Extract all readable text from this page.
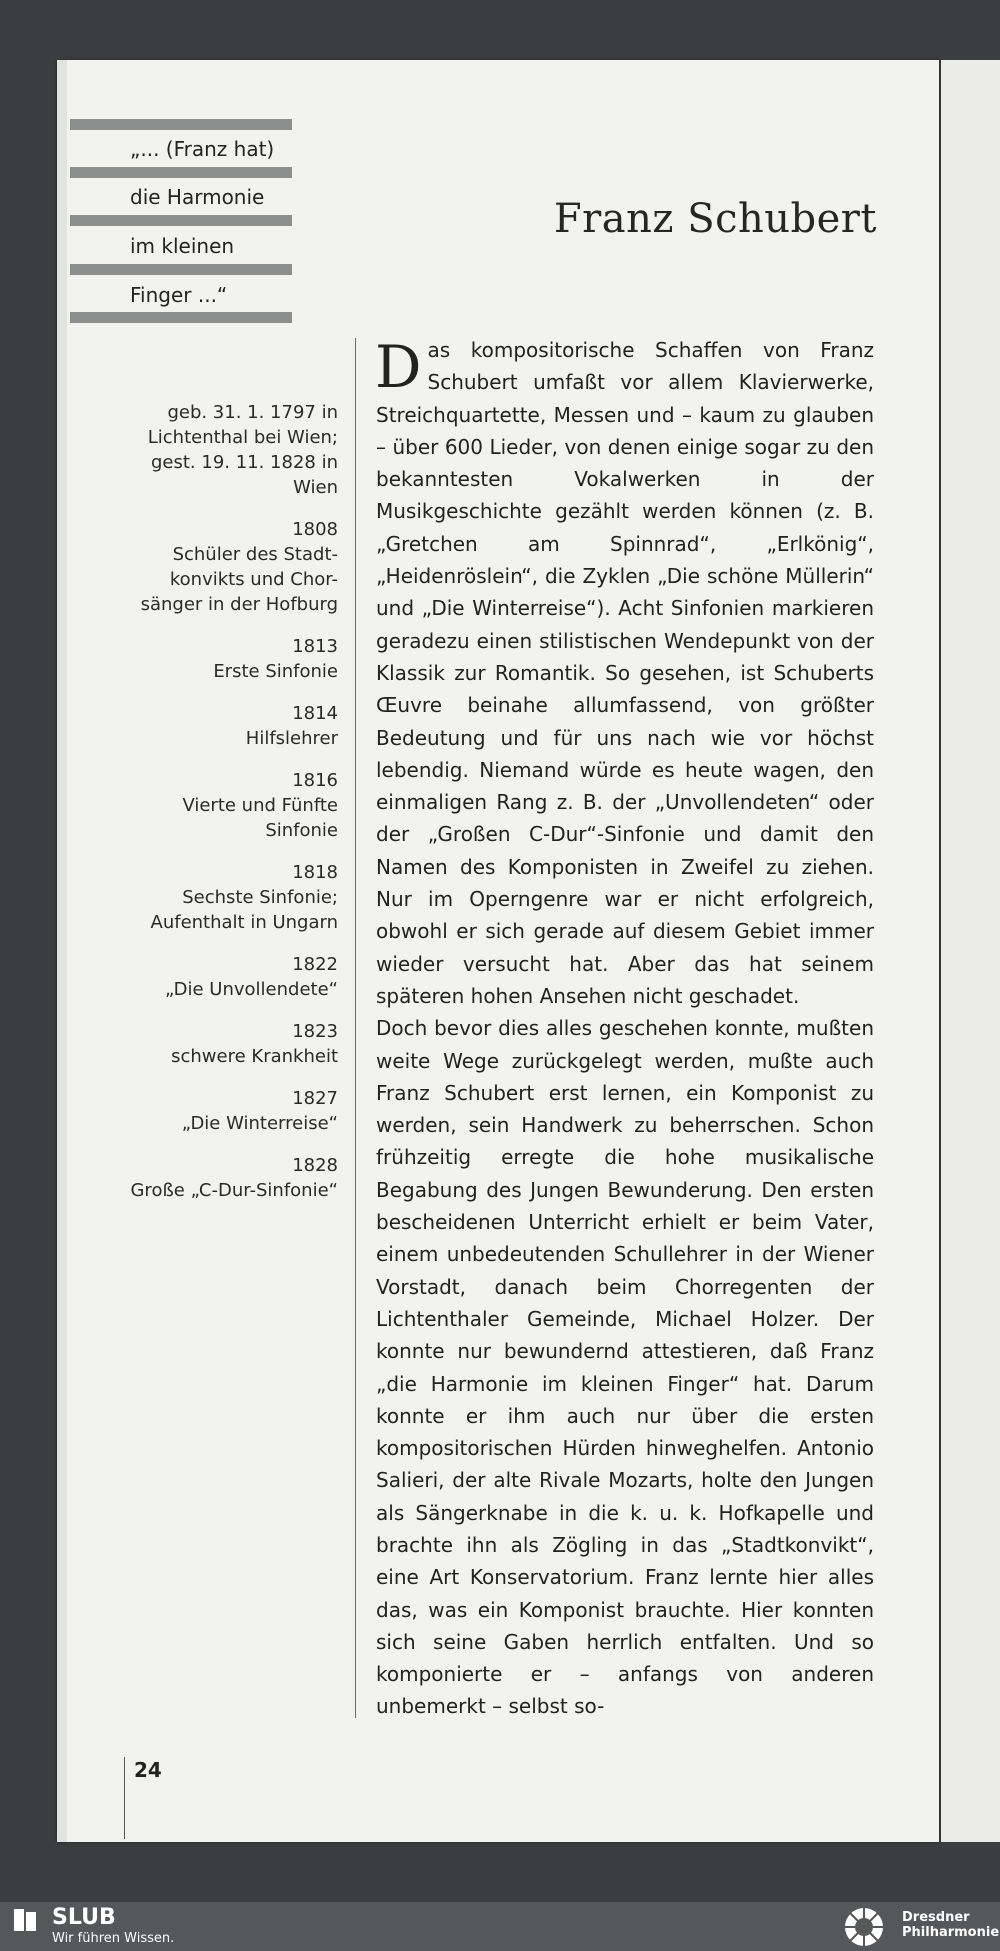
„... (Franz hat)
die Harmonie
im kleinen
Finger ...“
Franz Schubert
geb. 31. 1. 1797 in Lichtenthal bei Wien; gest. 19. 11. 1828 in Wien
1808
Schüler des Stadt-konvikts und Chor-sänger in der Hofburg
1813
Erste Sinfonie
1814
Hilfslehrer
1816
Vierte und Fünfte Sinfonie
1818
Sechste Sinfonie; Aufenthalt in Ungarn
1822
„Die Unvollendete“
1823
schwere Krankheit
1827
„Die Winterreise“
1828
Große „C-Dur-Sinfonie“

Das kompositorische Schaffen von Franz Schubert umfaßt vor allem Klavierwerke, Streichquartette, Messen und – kaum zu glauben – über 600 Lieder, von denen einige sogar zu den bekanntesten Vokalwerken in der Musikgeschichte gezählt werden können (z. B. „Gretchen am Spinnrad“, „Erlkönig“, „Heidenröslein“, die Zyklen „Die schöne Müllerin“ und „Die Winterreise“). Acht Sinfonien markieren geradezu einen stilistischen Wendepunkt von der Klassik zur Romantik. So gesehen, ist Schuberts Œuvre beinahe allumfassend, von größter Bedeutung und für uns nach wie vor höchst lebendig. Niemand würde es heute wagen, den einmaligen Rang z. B. der „Unvollendeten“ oder der „Großen C-Dur“-Sinfonie und damit den Namen des Komponisten in Zweifel zu ziehen. Nur im Operngenre war er nicht erfolgreich, obwohl er sich gerade auf diesem Gebiet immer wieder versucht hat. Aber das hat seinem späteren hohen Ansehen nicht geschadet.

Doch bevor dies alles geschehen konnte, mußten weite Wege zurückgelegt werden, mußte auch Franz Schubert erst lernen, ein Komponist zu werden, sein Handwerk zu beherrschen. Schon frühzeitig erregte die hohe musikalische Begabung des Jungen Bewunderung. Den ersten bescheidenen Unterricht erhielt er beim Vater, einem unbedeutenden Schullehrer in der Wiener Vorstadt, danach beim Chorregenten der Lichtenthaler Gemeinde, Michael Holzer. Der konnte nur bewundernd attestieren, daß Franz „die Harmonie im kleinen Finger“ hat. Darum konnte er ihm auch nur über die ersten kompositorischen Hürden hinweghelfen. Antonio Salieri, der alte Rivale Mozarts, holte den Jungen als Sängerknabe in die k. u. k. Hofkapelle und brachte ihn als Zögling in das „Stadtkonvikt“, eine Art Konservatorium. Franz lernte hier alles das, was ein Komponist brauchte. Hier konnten sich seine Gaben herrlich entfalten. Und so komponierte er – anfangs von anderen unbemerkt – selbst so-

24
SLUB
Wir führen Wissen.
Dresdner
Philharmonie
